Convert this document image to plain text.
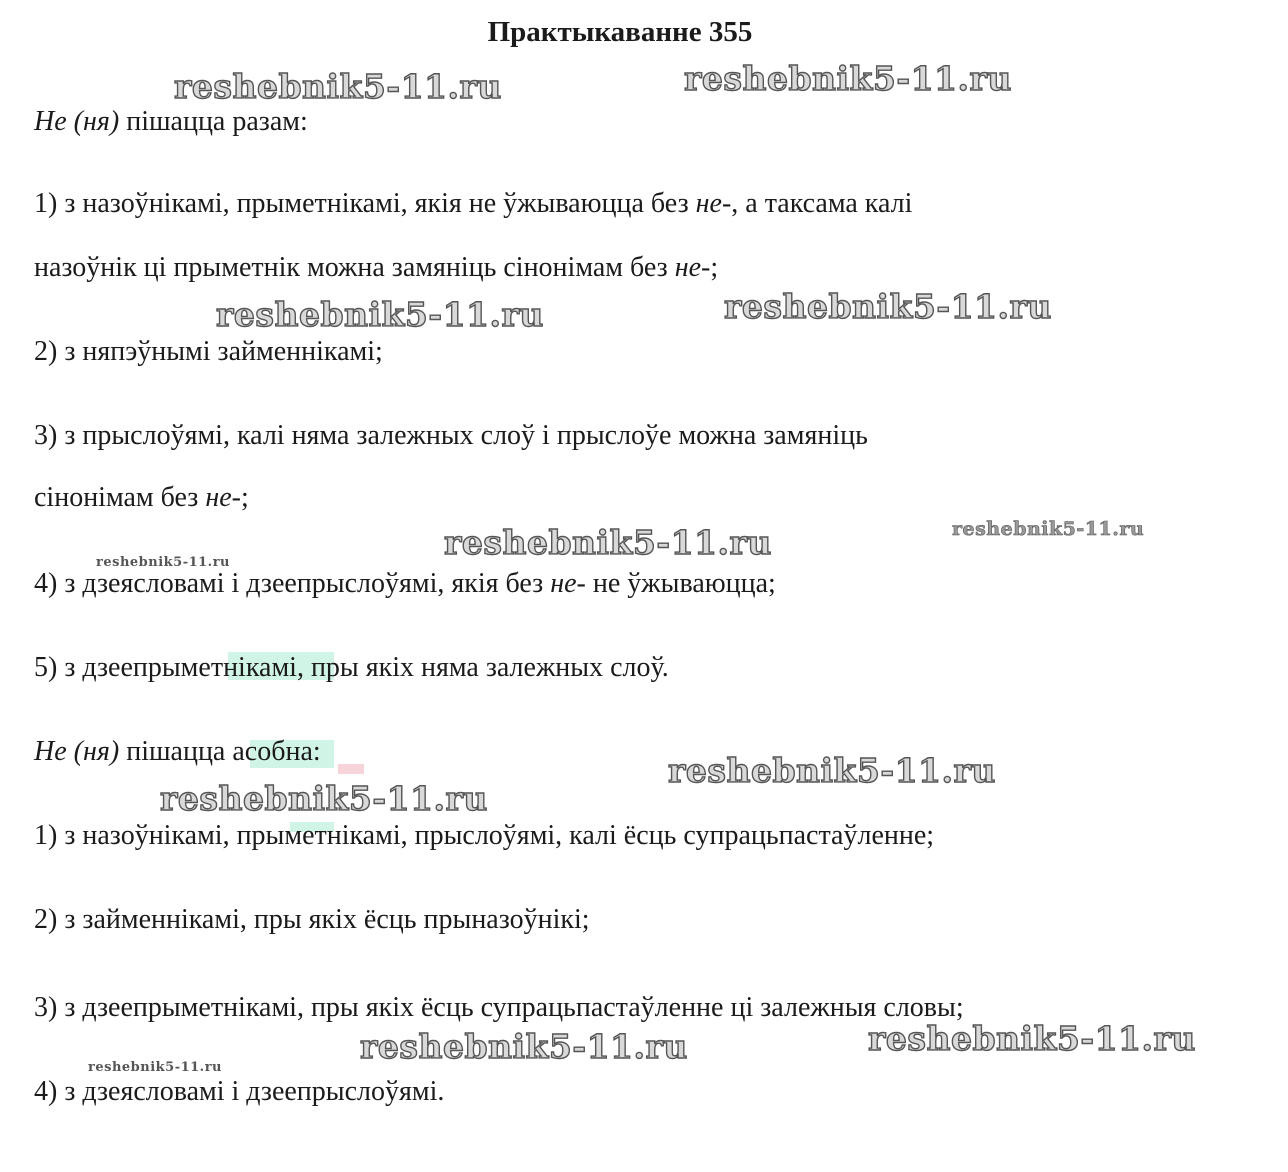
Практыкаванне 355
reshebnik5-11.ru	reshebnik5-11.ru
reshebnik5-11.ru	reshebnik5-11.ru
reshebnik5-11.ru	reshebnik5-11.ru
reshebnik5-11.ru
reshebnik5-11.ru
reshebnik5-11.ru
reshebnik5-11.ru	reshebnik5-11.ru
reshebnik5-11.ru
Не (ня) пішацца разам:
1) з назоўнікамі, прыметнікамі, якія не ўжываюцца без не-, а таксама калі
назоўнік ці прыметнік можна замяніць сінонімам без не-;
2) з няпэўнымі займеннікамі;
3) з прыслоўямі, калі няма залежных слоў і прыслоўе можна замяніць
сінонімам без не-;
4) з дзеясловамі і дзеепрыслоўямі, якія без не- не ўжываюцца;
5) з дзеепрыметнікамі, пры якіх няма залежных слоў.
Не (ня) пішацца асобна:
1) з назоўнікамі, прыметнікамі, прыслоўямі, калі ёсць супрацьпастаўленне;
2) з займеннікамі, пры якіх ёсць прыназоўнікі;
3) з дзеепрыметнікамі, пры якіх ёсць супрацьпастаўленне ці залежныя словы;
4) з дзеясловамі і дзеепрыслоўямі.
